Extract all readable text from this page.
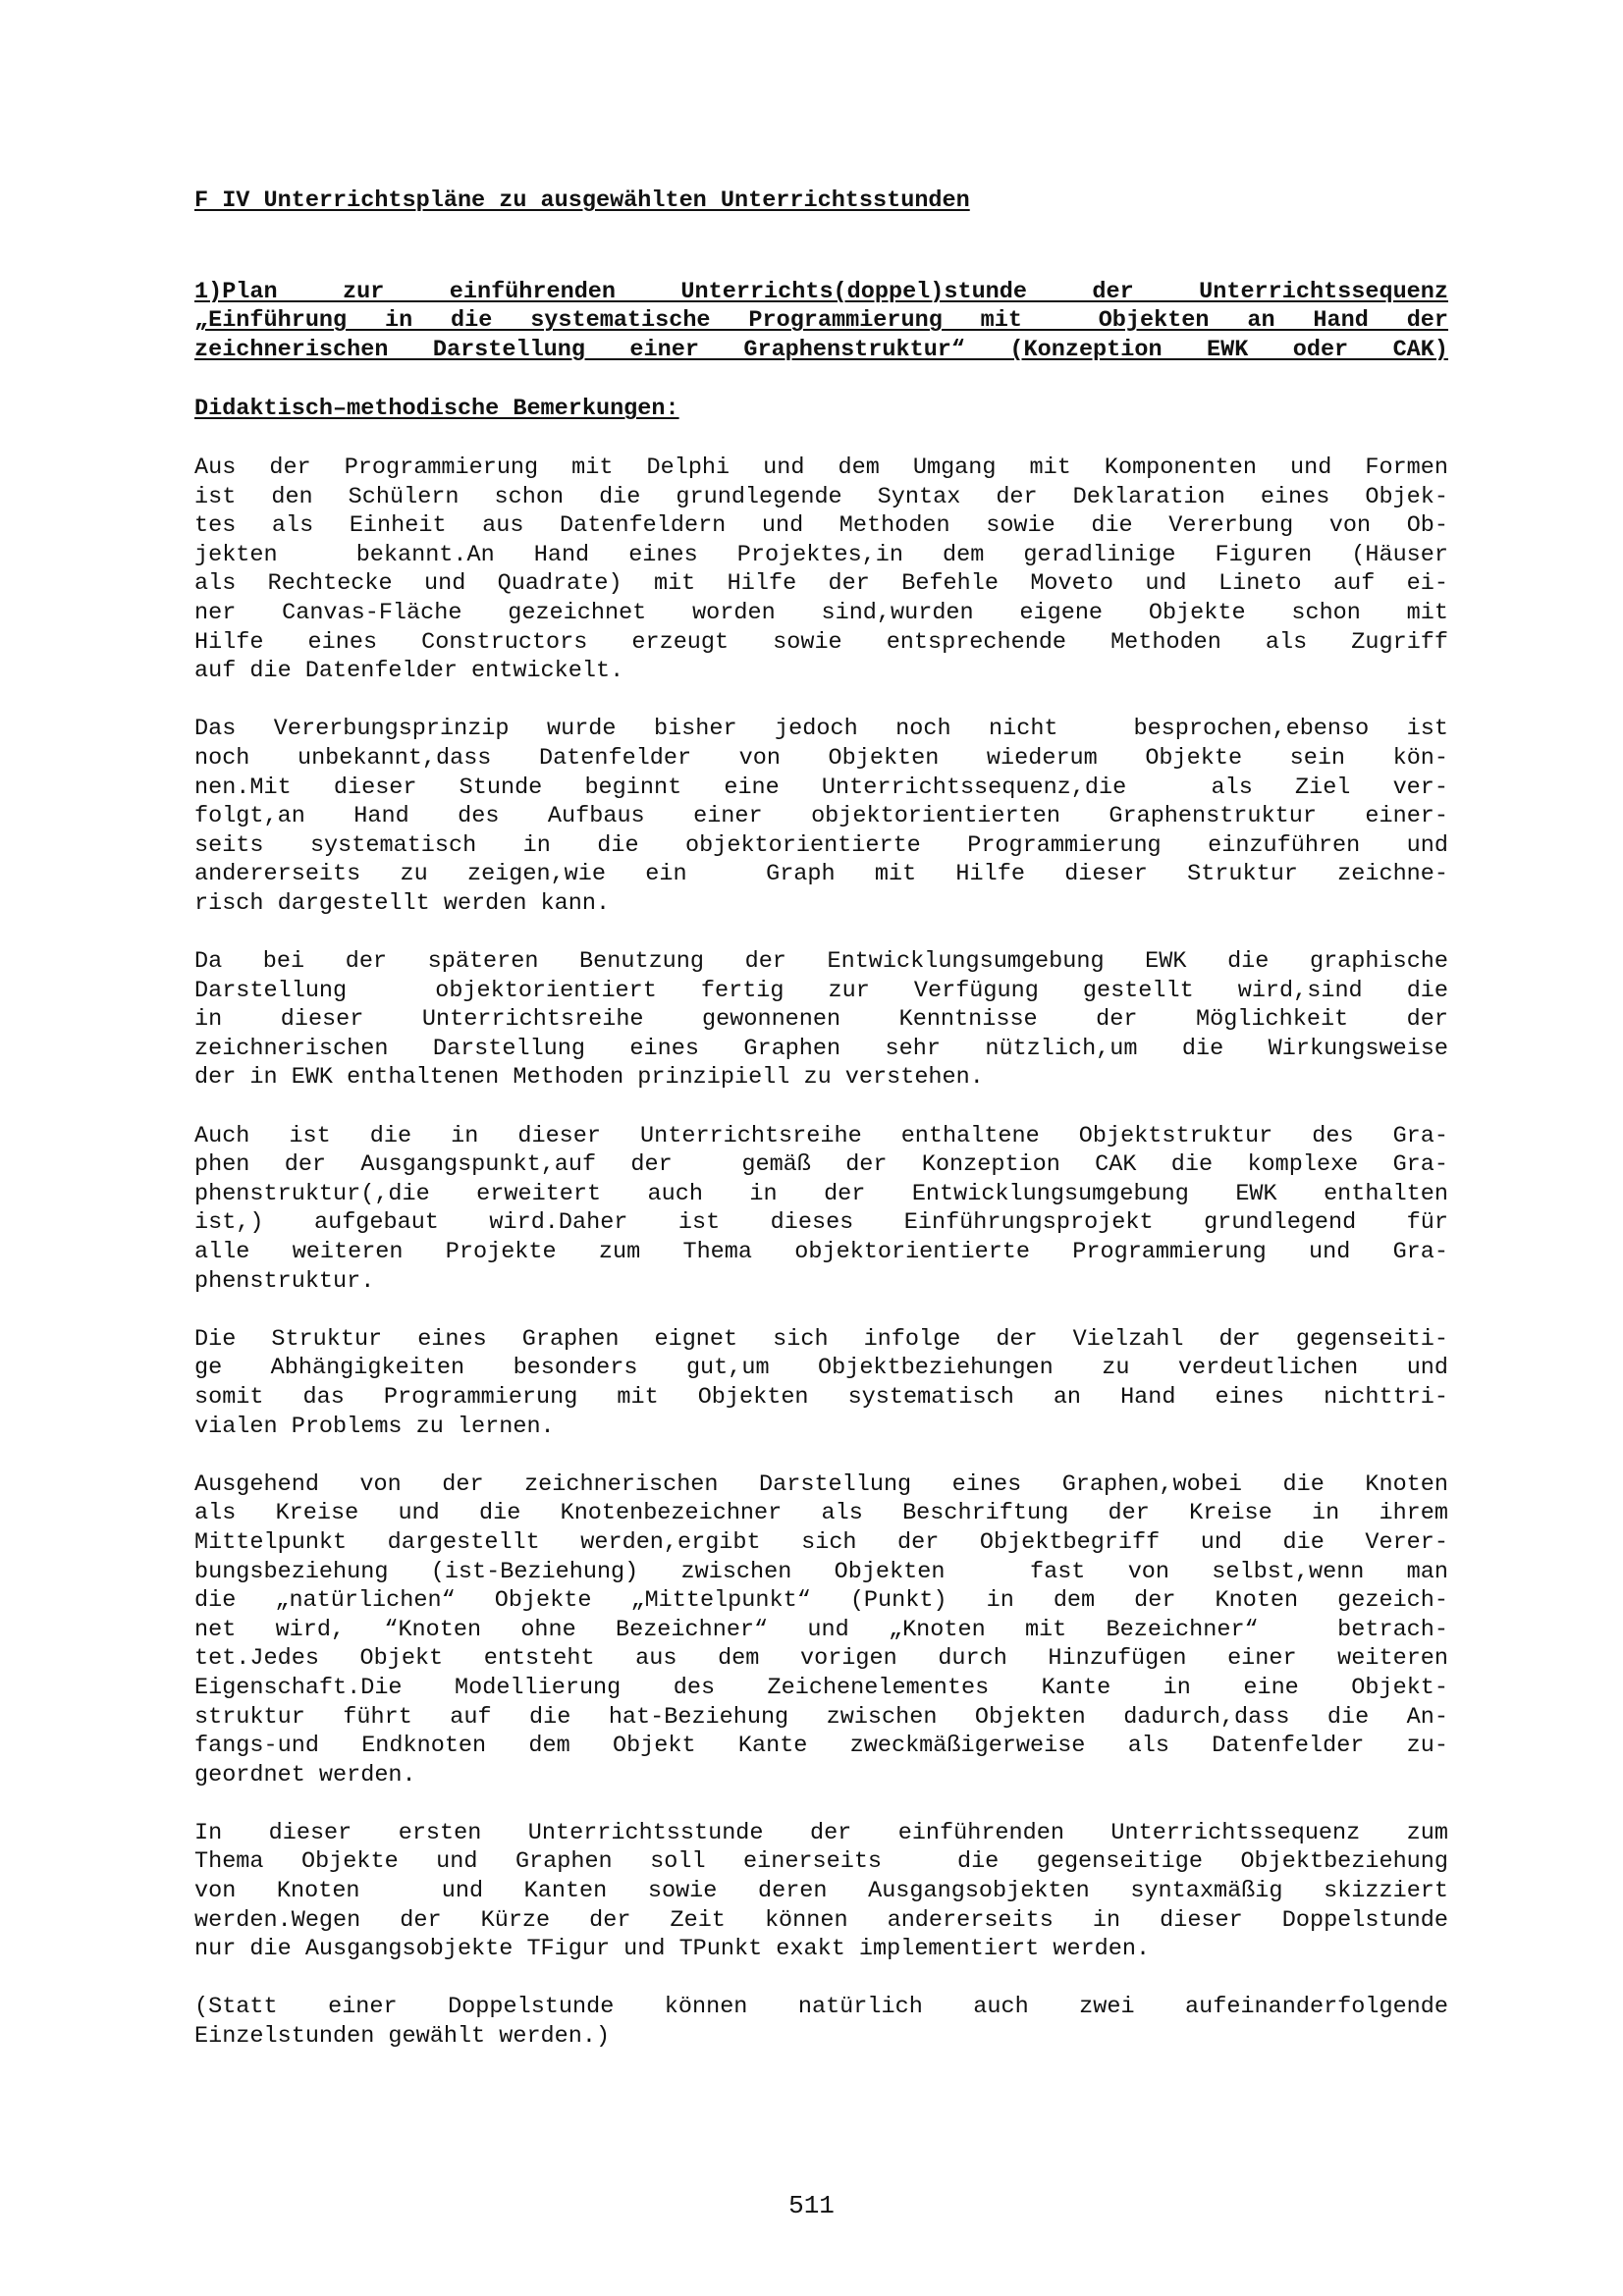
F IV Unterrichtspläne zu ausgewählten Unterrichtsstunden

1)Plan zur einführenden Unterrichts(doppel)stunde der Unterrichtssequenz
„Einführung in die systematische Programmierung mit  Objekten an Hand der
zeichnerischen Darstellung einer Graphenstruktur“ (Konzeption EWK oder CAK)

Didaktisch–methodische Bemerkungen:

Aus der Programmierung mit Delphi und dem Umgang mit Komponenten und Formen
ist den Schülern schon die grundlegende Syntax der Deklaration eines Objek-
tes als Einheit aus Datenfeldern und Methoden sowie die Vererbung von Ob-
jekten  bekannt.An Hand eines Projektes,in dem geradlinige Figuren (Häuser
als Rechtecke und Quadrate) mit Hilfe der Befehle Moveto und Lineto auf ei-
ner Canvas-Fläche gezeichnet worden sind,wurden eigene Objekte schon mit
Hilfe eines Constructors erzeugt sowie entsprechende Methoden als Zugriff
auf die Datenfelder entwickelt.
Das Vererbungsprinzip wurde bisher jedoch noch nicht  besprochen,ebenso ist
noch unbekannt,dass Datenfelder von Objekten wiederum Objekte sein kön-
nen.Mit dieser Stunde beginnt eine Unterrichtssequenz,die  als Ziel ver-
folgt,an Hand des Aufbaus einer objektorientierten Graphenstruktur einer-
seits systematisch in die objektorientierte Programmierung einzuführen und
andererseits zu zeigen,wie ein  Graph mit Hilfe dieser Struktur zeichne-
risch dargestellt werden kann.
Da bei der späteren Benutzung der Entwicklungsumgebung EWK die graphische
Darstellung  objektorientiert fertig zur Verfügung gestellt wird,sind die
in dieser Unterrichtsreihe gewonnenen Kenntnisse der Möglichkeit der
zeichnerischen Darstellung eines Graphen sehr nützlich,um die Wirkungsweise
der in EWK enthaltenen Methoden prinzipiell zu verstehen.
Auch ist die in dieser Unterrichtsreihe enthaltene Objektstruktur des Gra-
phen der Ausgangspunkt,auf der  gemäß der Konzeption CAK die komplexe Gra-
phenstruktur(,die erweitert auch in der Entwicklungsumgebung EWK enthalten
ist,) aufgebaut wird.Daher ist dieses Einführungsprojekt grundlegend für
alle weiteren Projekte zum Thema objektorientierte Programmierung und Gra-
phenstruktur.
Die Struktur eines Graphen eignet sich infolge der Vielzahl der gegenseiti-
ge Abhängigkeiten besonders gut,um Objektbeziehungen zu verdeutlichen und
somit das Programmierung mit Objekten systematisch an Hand eines nichttri-
vialen Problems zu lernen.
Ausgehend von der zeichnerischen Darstellung eines Graphen,wobei die Knoten
als Kreise und die Knotenbezeichner als Beschriftung der Kreise in ihrem
Mittelpunkt dargestellt werden,ergibt sich der Objektbegriff und die Verer-
bungsbeziehung (ist-Beziehung) zwischen Objekten  fast von selbst,wenn man
die „natürlichen“ Objekte „Mittelpunkt“ (Punkt) in dem der Knoten gezeich-
net wird, “Knoten ohne Bezeichner“ und „Knoten mit Bezeichner“  betrach-
tet.Jedes Objekt entsteht aus dem vorigen durch Hinzufügen einer weiteren
Eigenschaft.Die Modellierung des Zeichenelementes Kante in eine Objekt-
struktur führt auf die hat-Beziehung zwischen Objekten dadurch,dass die An-
fangs-und Endknoten dem Objekt Kante zweckmäßigerweise als Datenfelder zu-
geordnet werden.
In dieser ersten Unterrichtsstunde der einführenden Unterrichtssequenz zum
Thema Objekte und Graphen soll einerseits  die gegenseitige Objektbeziehung
von Knoten  und Kanten sowie deren Ausgangsobjekten syntaxmäßig skizziert
werden.Wegen der Kürze der Zeit können andererseits in dieser Doppelstunde
nur die Ausgangsobjekte TFigur und TPunkt exakt implementiert werden.
(Statt einer Doppelstunde können natürlich auch zwei aufeinanderfolgende
Einzelstunden gewählt werden.)
511
